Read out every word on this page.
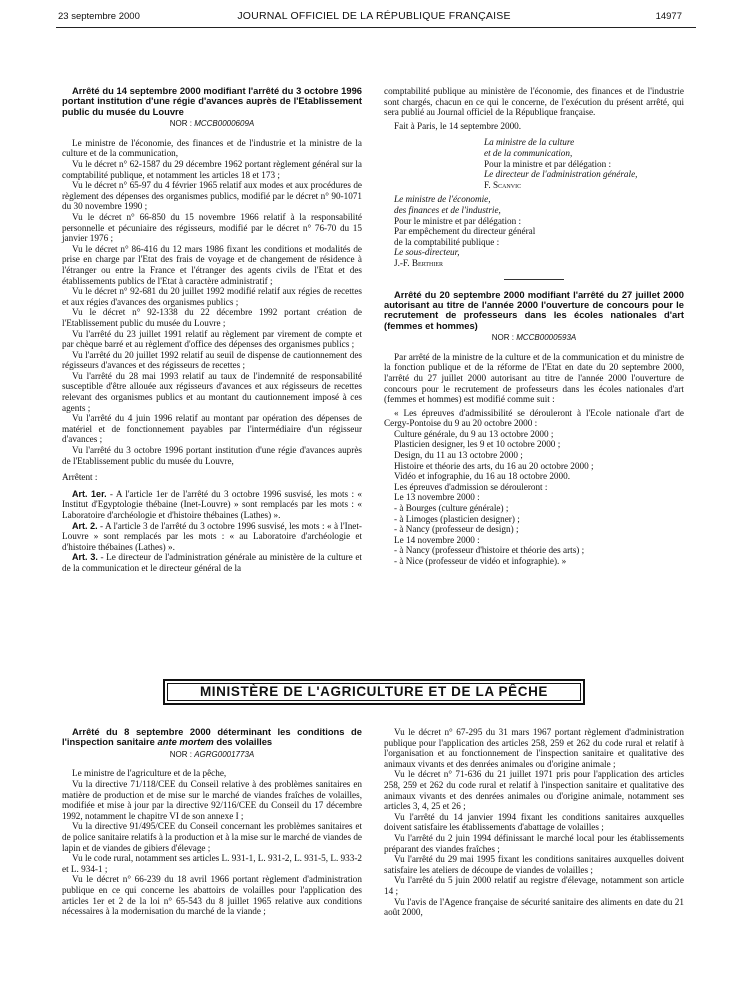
23 septembre 2000	JOURNAL OFFICIEL DE LA RÉPUBLIQUE FRANÇAISE	14977

Arrêté du 14 septembre 2000 modifiant l'arrêté du 3 octobre 1996 portant institution d'une régie d'avances auprès de l'Etablissement public du musée du Louvre

NOR : MCCB0000609A

Le ministre de l'économie, des finances et de l'industrie et la ministre de la culture et de la communication,

Vu le décret n° 62-1587 du 29 décembre 1962 portant règlement général sur la comptabilité publique, et notamment les articles 18 et 173 ;

Vu le décret n° 65-97 du 4 février 1965 relatif aux modes et aux procédures de règlement des dépenses des organismes publics, modifié par le décret n° 90-1071 du 30 novembre 1990 ;

Vu le décret n° 66-850 du 15 novembre 1966 relatif à la responsabilité personnelle et pécuniaire des régisseurs, modifié par le décret n° 76-70 du 15 janvier 1976 ;

Vu le décret n° 86-416 du 12 mars 1986 fixant les conditions et modalités de prise en charge par l'Etat des frais de voyage et de changement de résidence à l'étranger ou entre la France et l'étranger des agents civils de l'Etat et des établissements publics de l'Etat à caractère administratif ;

Vu le décret n° 92-681 du 20 juillet 1992 modifié relatif aux régies de recettes et aux régies d'avances des organismes publics ;

Vu le décret n° 92-1338 du 22 décembre 1992 portant création de l'Etablissement public du musée du Louvre ;

Vu l'arrêté du 23 juillet 1991 relatif au règlement par virement de compte et par chèque barré et au règlement d'office des dépenses des organismes publics ;

Vu l'arrêté du 20 juillet 1992 relatif au seuil de dispense de cautionnement des régisseurs d'avances et des régisseurs de recettes ;

Vu l'arrêté du 28 mai 1993 relatif au taux de l'indemnité de responsabilité susceptible d'être allouée aux régisseurs d'avances et aux régisseurs de recettes relevant des organismes publics et au montant du cautionnement imposé à ces agents ;

Vu l'arrêté du 4 juin 1996 relatif au montant par opération des dépenses de matériel et de fonctionnement payables par l'intermédiaire d'un régisseur d'avances ;

Vu l'arrêté du 3 octobre 1996 portant institution d'une régie d'avances auprès de l'Etablissement public du musée du Louvre,

Arrêtent :

Art. 1er. - A l'article 1er de l'arrêté du 3 octobre 1996 susvisé, les mots : « Institut d'Egyptologie thébaine (Inet-Louvre) » sont remplacés par les mots : « Laboratoire d'archéologie et d'histoire thébaines (Lathes) ».

Art. 2. - A l'article 3 de l'arrêté du 3 octobre 1996 susvisé, les mots : « à l'Inet-Louvre » sont remplacés par les mots : « au Laboratoire d'archéologie et d'histoire thébaines (Lathes) ».

Art. 3. - Le directeur de l'administration générale au ministère de la culture et de la communication et le directeur général de la

comptabilité publique au ministère de l'économie, des finances et de l'industrie sont chargés, chacun en ce qui le concerne, de l'exécution du présent arrêté, qui sera publié au Journal officiel de la République française.

Fait à Paris, le 14 septembre 2000.

La ministre de la culture

et de la communication,

Pour la ministre et par délégation :

Le directeur de l'administration générale,

F. Scanvic

Le ministre de l'économie,

des finances et de l'industrie,

Pour le ministre et par délégation :

Par empêchement du directeur général

de la comptabilité publique :

Le sous-directeur,

J.-F. Berthier

Arrêté du 20 septembre 2000 modifiant l'arrêté du 27 juillet 2000 autorisant au titre de l'année 2000 l'ouverture de concours pour le recrutement de professeurs dans les écoles nationales d'art (femmes et hommes)

NOR : MCCB0000593A

Par arrêté de la ministre de la culture et de la communication et du ministre de la fonction publique et de la réforme de l'Etat en date du 20 septembre 2000, l'arrêté du 27 juillet 2000 autorisant au titre de l'année 2000 l'ouverture de concours pour le recrutement de professeurs dans les écoles nationales d'art (femmes et hommes) est modifié comme suit :

« Les épreuves d'admissibilité se dérouleront à l'Ecole nationale d'art de Cergy-Pontoise du 9 au 20 octobre 2000 :

Culture générale, du 9 au 13 octobre 2000 ;

Plasticien designer, les 9 et 10 octobre 2000 ;

Design, du 11 au 13 octobre 2000 ;

Histoire et théorie des arts, du 16 au 20 octobre 2000 ;

Vidéo et infographie, du 16 au 18 octobre 2000.

Les épreuves d'admission se dérouleront :

Le 13 novembre 2000 :

- à Bourges (culture générale) ;

- à Limoges (plasticien designer) ;

- à Nancy (professeur de design) ;

Le 14 novembre 2000 :

- à Nancy (professeur d'histoire et théorie des arts) ;

- à Nice (professeur de vidéo et infographie). »

MINISTÈRE DE L'AGRICULTURE ET DE LA PÊCHE

Arrêté du 8 septembre 2000 déterminant les conditions de l'inspection sanitaire ante mortem des volailles

NOR : AGRG0001773A

Le ministre de l'agriculture et de la pêche,

Vu la directive 71/118/CEE du Conseil relative à des problèmes sanitaires en matière de production et de mise sur le marché de viandes fraîches de volailles, modifiée et mise à jour par la directive 92/116/CEE du Conseil du 17 décembre 1992, notamment le chapitre VI de son annexe I ;

Vu la directive 91/495/CEE du Conseil concernant les problèmes sanitaires et de police sanitaire relatifs à la production et à la mise sur le marché de viandes de lapin et de viandes de gibiers d'élevage ;

Vu le code rural, notamment ses articles L. 931-1, L. 931-2, L. 931-5, L. 933-2 et L. 934-1 ;

Vu le décret n° 66-239 du 18 avril 1966 portant règlement d'administration publique en ce qui concerne les abattoirs de volailles pour l'application des articles 1er et 2 de la loi n° 65-543 du 8 juillet 1965 relative aux conditions nécessaires à la modernisation du marché de la viande ;

Vu le décret n° 67-295 du 31 mars 1967 portant règlement d'administration publique pour l'application des articles 258, 259 et 262 du code rural et relatif à l'organisation et au fonctionnement de l'inspection sanitaire et qualitative des animaux vivants et des denrées animales ou d'origine animale ;

Vu le décret n° 71-636 du 21 juillet 1971 pris pour l'application des articles 258, 259 et 262 du code rural et relatif à l'inspection sanitaire et qualitative des animaux vivants et des denrées animales ou d'origine animale, notamment ses articles 3, 4, 25 et 26 ;

Vu l'arrêté du 14 janvier 1994 fixant les conditions sanitaires auxquelles doivent satisfaire les établissements d'abattage de volailles ;

Vu l'arrêté du 2 juin 1994 définissant le marché local pour les établissements préparant des viandes fraîches ;

Vu l'arrêté du 29 mai 1995 fixant les conditions sanitaires auxquelles doivent satisfaire les ateliers de découpe de viandes de volailles ;

Vu l'arrêté du 5 juin 2000 relatif au registre d'élevage, notamment son article 14 ;

Vu l'avis de l'Agence française de sécurité sanitaire des aliments en date du 21 août 2000,
